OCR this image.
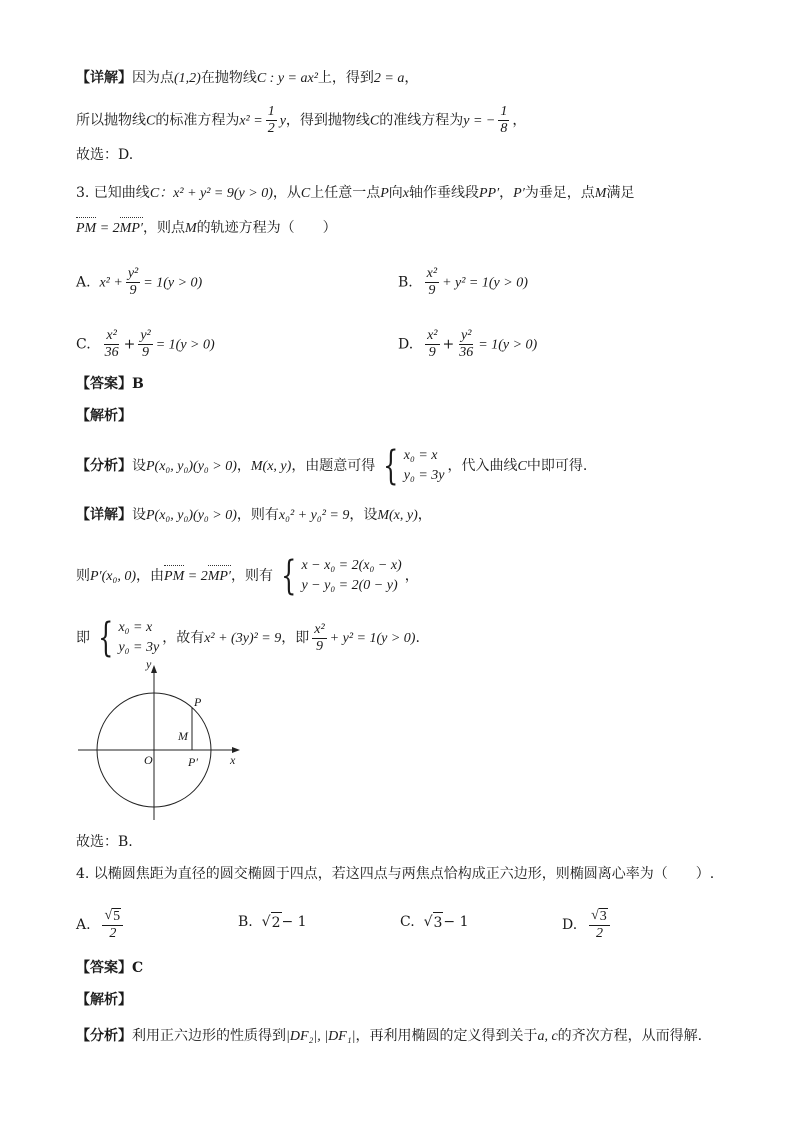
【详解】因为点(1,2)在抛物线C : y = ax²上，得到2 = a，
所以抛物线C的标准方程为$x^2 = \frac{1}{2}$ y，得到抛物线C的准线方程为y = − $\frac{1}{8}$ ，
故选：D.
3. 已知曲线C：x² + y² = 9(y > 0)，从C上任意一点P向x轴作垂线段PP′，P′为垂足，点M满足
PM = 2MP′，则点M的轨迹方程为（　　）
A. $x^2 + \frac{\text{y²}}{9} = 1(y > 0)$	B. $\frac{\text{x²}}{9} + y^2 = 1(y > 0)$
C. $\frac{\text{x²}}{36} + \frac{\text{y²}}{9} = 1(y > 0)$	D. $\frac{\text{x²}}{9} + \frac{\text{y²}}{36} = 1(y > 0)$
【答案】B
【解析】
【分析】设P(x₀, y₀)(y₀ > 0)，M(x, y)，由题意可得 { x₀ = x
y₀ = 3y
，代入曲线C中即可得.
【详解】设P(x₀, y₀)(y₀ > 0)，则有x₀² + y₀² = 9，设M(x, y)，
则P′(x₀, 0)，由PM = 2MP′，则有 { x − x₀ = 2(x₀ − x)
y − y₀ = 2(0 − y)
，
即 { x₀ = x
y₀ = 3y
，故有x² + (3y)² = 9，即 $\frac{\text{x²}}{9} + y^2 = 1(y > 0)$.
y
x
O
P
M
P′
故选：B.
4. 以椭圆焦距为直径的圆交椭圆于四点，若这四点与两焦点恰构成正六边形，则椭圆离心率为（　　）.
A. $\frac{√ 5}{2}$	B. √ 2 − 1	C. √ 3 − 1	D. $\frac{√ 3}{2}$
【答案】C
【解析】
【分析】利用正六边形的性质得到|DF₂|, |DF₁|，再利用椭圆的定义得到关于a, c的齐次方程，从而得解.
